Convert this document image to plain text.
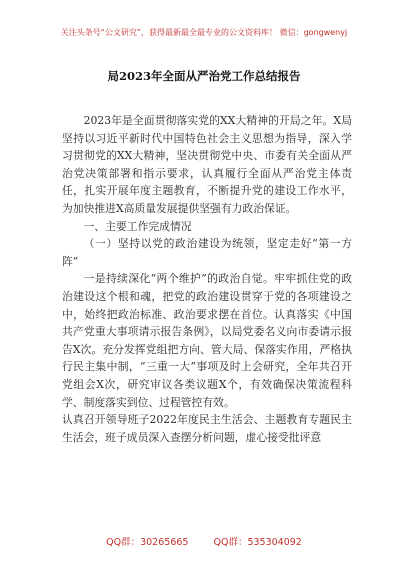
关注头条号“公文研究”，获得最新最全最专业的公文资料库！ 微信：gongwenyj
局2023年全面从严治党工作总结报告

2023年是全面贯彻落实党的XX大精神的开局之年。X局坚持以习近平新时代中国特色社会主义思想为指导，深入学习贯彻党的XX大精神，坚决贯彻党中央、市委有关全面从严治党决策部署和指示要求，认真履行全面从严治党主体责任，扎实开展年度主题教育，不断提升党的建设工作水平，为加快推进X高质量发展提供坚强有力政治保证。

一、主要工作完成情况

（一）坚持以党的政治建设为统领，坚定走好“第一方阵”

一是持续深化“两个维护”的政治自觉。牢牢抓住党的政治建设这个根和魂，把党的政治建设贯穿于党的各项建设之中，始终把政治标准、政治要求摆在首位。认真落实《中国共产党重大事项请示报告条例》，以局党委名义向市委请示报告X次。充分发挥党组把方向、管大局、保落实作用，严格执行民主集中制，“三重一大”事项及时上会研究，全年共召开党组会X次，研究审议各类议题X个，有效确保决策流程科学、制度落实到位、过程管控有效。

认真召开领导班子2022年度民主生活会、主题教育专题民主生活会，班子成员深入查摆分析问题，虚心接受批评意

QQ群：30265665	QQ群：535304092
